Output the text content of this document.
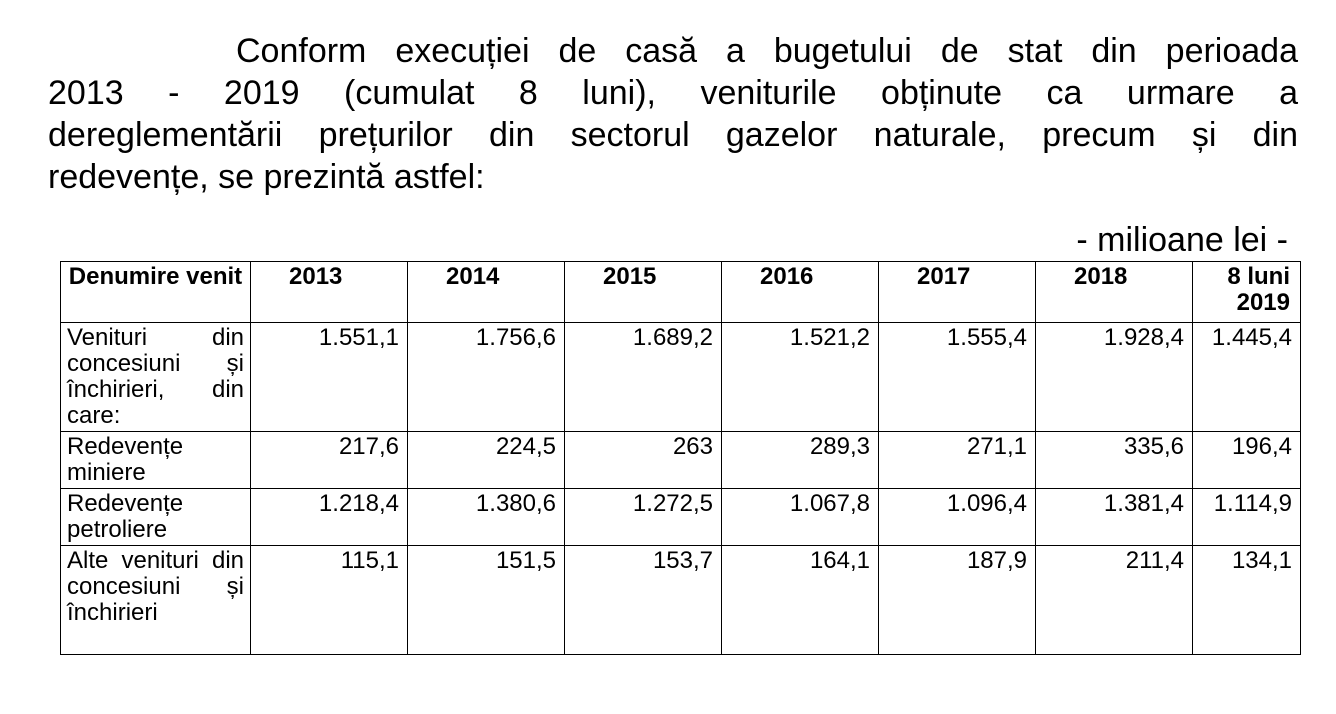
Conform execuției de casă a bugetului de stat din perioada
2013 - 2019 (cumulat 8 luni), veniturile obținute ca urmare a
dereglementării prețurilor din sectorul gazelor naturale, precum și din
redevențe, se prezintă astfel:

- milioane lei -

Denumire venit	2013	2014	2015	2016	2017	2018	8 luni 2019
Venituri din concesiuni și închirieri, din care:	1.551,1	1.756,6	1.689,2	1.521,2	1.555,4	1.928,4	1.445,4
Redevențe miniere	217,6	224,5	263	289,3	271,1	335,6	196,4
Redevențe petroliere	1.218,4	1.380,6	1.272,5	1.067,8	1.096,4	1.381,4	1.114,9
Alte venituri din concesiuni și închirieri	115,1	151,5	153,7	164,1	187,9	211,4	134,1
